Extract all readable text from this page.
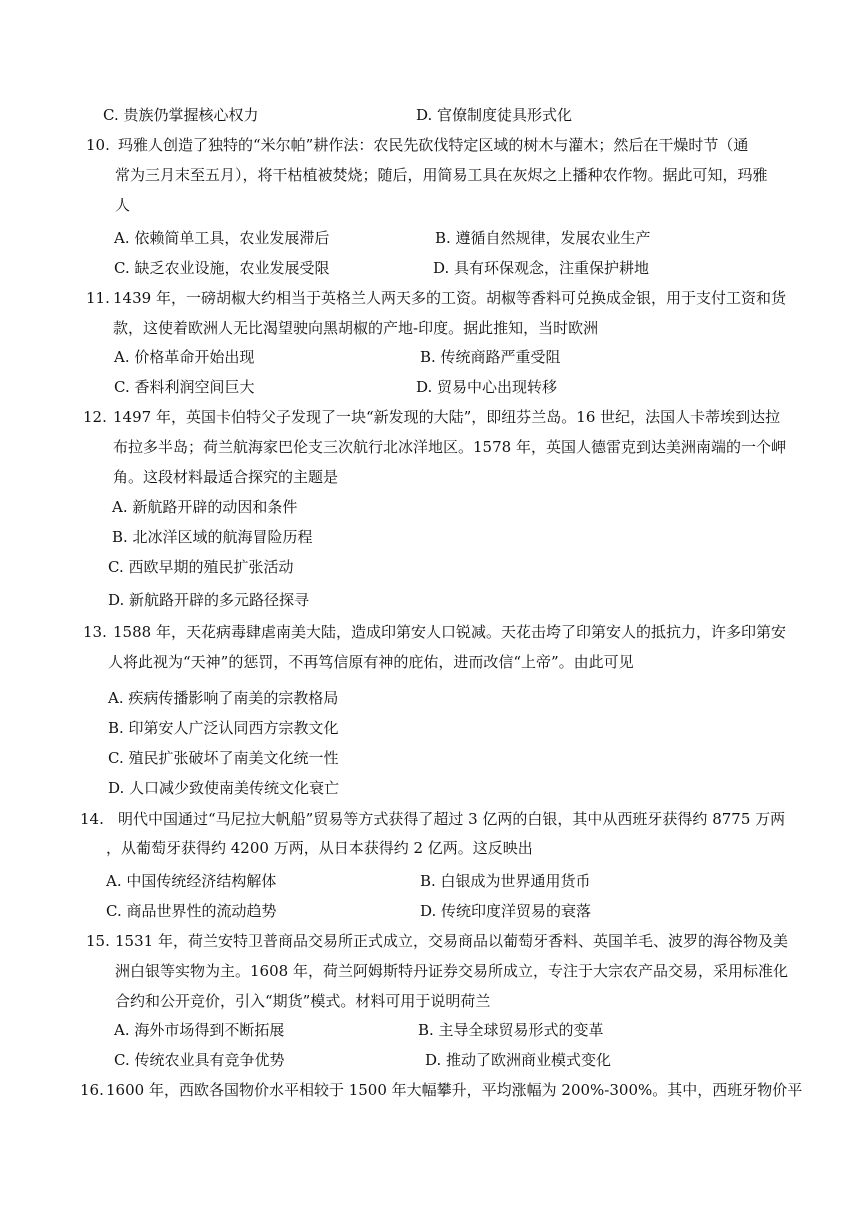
C. 贵族仍掌握核心权力	D. 官僚制度徒具形式化
10. 玛雅人创造了独特的“米尔帕”耕作法：农民先砍伐特定区域的树木与灌木；然后在干燥时节（通
常为三月末至五月），将干枯植被焚烧；随后，用简易工具在灰烬之上播种农作物。据此可知，玛雅
人
A. 依赖简单工具，农业发展滞后	B. 遵循自然规律，发展农业生产
C. 缺乏农业设施，农业发展受限	D. 具有环保观念，注重保护耕地
11. 1439 年，一磅胡椒大约相当于英格兰人两天多的工资。胡椒等香料可兑换成金银，用于支付工资和货
款，这使着欧洲人无比渴望驶向黑胡椒的产地-印度。据此推知，当时欧洲
A. 价格革命开始出现	B. 传统商路严重受阻
C. 香料利润空间巨大	D. 贸易中心出现转移
12. 1497 年，英国卡伯特父子发现了一块“新发现的大陆”，即纽芬兰岛。16 世纪，法国人卡蒂埃到达拉
布拉多半岛；荷兰航海家巴伦支三次航行北冰洋地区。1578 年，英国人德雷克到达美洲南端的一个岬
角。这段材料最适合探究的主题是
A. 新航路开辟的动因和条件
B. 北冰洋区域的航海冒险历程
C. 西欧早期的殖民扩张活动
D. 新航路开辟的多元路径探寻
13. 1588 年，天花病毒肆虐南美大陆，造成印第安人口锐减。天花击垮了印第安人的抵抗力，许多印第安
人将此视为“天神”的惩罚，不再笃信原有神的庇佑，进而改信“上帝”。由此可见
A. 疾病传播影响了南美的宗教格局
B. 印第安人广泛认同西方宗教文化
C. 殖民扩张破坏了南美文化统一性
D. 人口减少致使南美传统文化衰亡
14. 明代中国通过“马尼拉大帆船”贸易等方式获得了超过 3 亿两的白银，其中从西班牙获得约 8775 万两
，从葡萄牙获得约 4200 万两，从日本获得约 2 亿两。这反映出
A. 中国传统经济结构解体	B. 白银成为世界通用货币
C. 商品世界性的流动趋势	D. 传统印度洋贸易的衰落
15. 1531 年，荷兰安特卫普商品交易所正式成立，交易商品以葡萄牙香料、英国羊毛、波罗的海谷物及美
洲白银等实物为主。1608 年，荷兰阿姆斯特丹证券交易所成立，专注于大宗农产品交易，采用标准化
合约和公开竞价，引入“期货”模式。材料可用于说明荷兰
A. 海外市场得到不断拓展	B. 主导全球贸易形式的变革
C. 传统农业具有竞争优势	D. 推动了欧洲商业模式变化
16. 1600 年，西欧各国物价水平相较于 1500 年大幅攀升，平均涨幅为 200%-300%。其中，西班牙物价平
